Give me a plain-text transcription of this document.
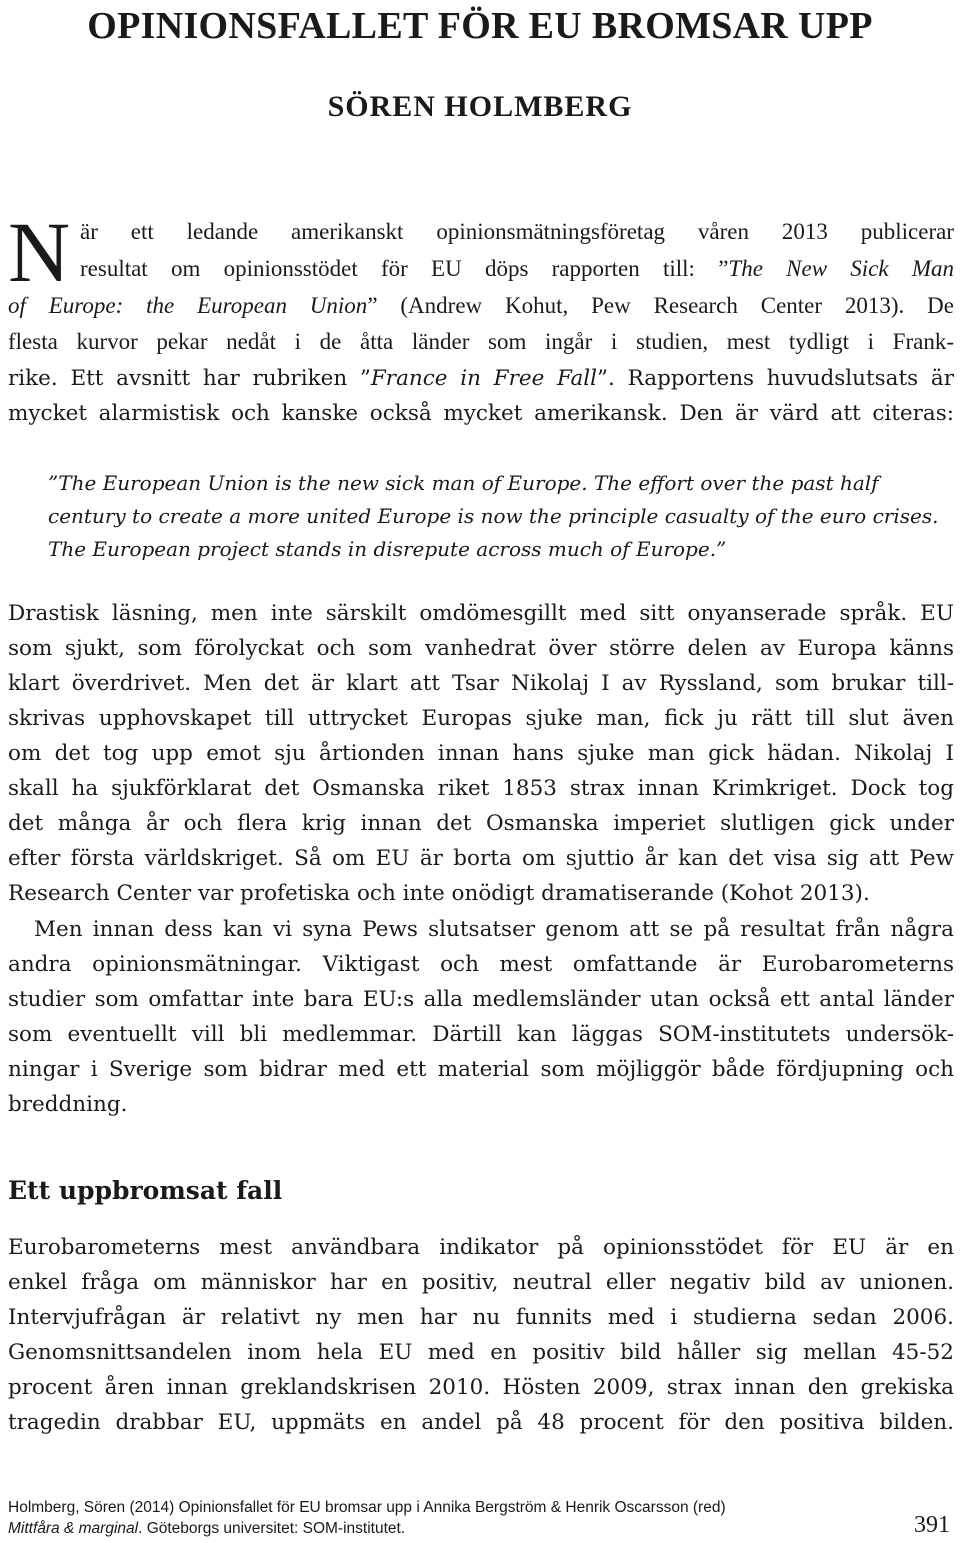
OPINIONSFALLET FÖR EU BROMSAR UPP
SÖREN HOLMBERG
N är ett ledande amerikanskt opinionsmätningsföretag våren 2013 publicerar
resultat om opinionsstödet för EU döps rapporten till: ”The New Sick Man
of Europe: the European Union” (Andrew Kohut, Pew Research Center 2013). De
flesta kurvor pekar nedåt i de åtta länder som ingår i studien, mest tydligt i Frank-
rike. Ett avsnitt har rubriken ”France in Free Fall”. Rapportens huvudslutsats är
mycket alarmistisk och kanske också mycket amerikansk. Den är värd att citeras:
”The European Union is the new sick man of Europe. The effort over the past half
century to create a more united Europe is now the principle casualty of the euro crises.
The European project stands in disrepute across much of Europe.”
Drastisk läsning, men inte särskilt omdömesgillt med sitt onyanserade språk. EU
som sjukt, som förolyckat och som vanhedrat över större delen av Europa känns
klart överdrivet. Men det är klart att Tsar Nikolaj I av Ryssland, som brukar till-
skrivas upphovskapet till uttrycket Europas sjuke man, fick ju rätt till slut även
om det tog upp emot sju årtionden innan hans sjuke man gick hädan. Nikolaj I
skall ha sjukförklarat det Osmanska riket 1853 strax innan Krimkriget. Dock tog
det många år och flera krig innan det Osmanska imperiet slutligen gick under
efter första världskriget. Så om EU är borta om sjuttio år kan det visa sig att Pew
Research Center var profetiska och inte onödigt dramatiserande (Kohot 2013).
Men innan dess kan vi syna Pews slutsatser genom att se på resultat från några
andra opinionsmätningar. Viktigast och mest omfattande är Eurobarometerns
studier som omfattar inte bara EU:s alla medlemsländer utan också ett antal länder
som eventuellt vill bli medlemmar. Därtill kan läggas SOM-institutets undersök-
ningar i Sverige som bidrar med ett material som möjliggör både fördjupning och
breddning.
Ett uppbromsat fall
Eurobarometerns mest användbara indikator på opinionsstödet för EU är en
enkel fråga om människor har en positiv, neutral eller negativ bild av unionen.
Intervjufrågan är relativt ny men har nu funnits med i studierna sedan 2006.
Genomsnittsandelen inom hela EU med en positiv bild håller sig mellan 45-52
procent åren innan greklandskrisen 2010. Hösten 2009, strax innan den grekiska
tragedin drabbar EU, uppmäts en andel på 48 procent för den positiva bilden.
Holmberg, Sören (2014) Opinionsfallet för EU bromsar upp i Annika Bergström & Henrik Oscarsson (red)
Mittfåra & marginal. Göteborgs universitet: SOM-institutet.	391
